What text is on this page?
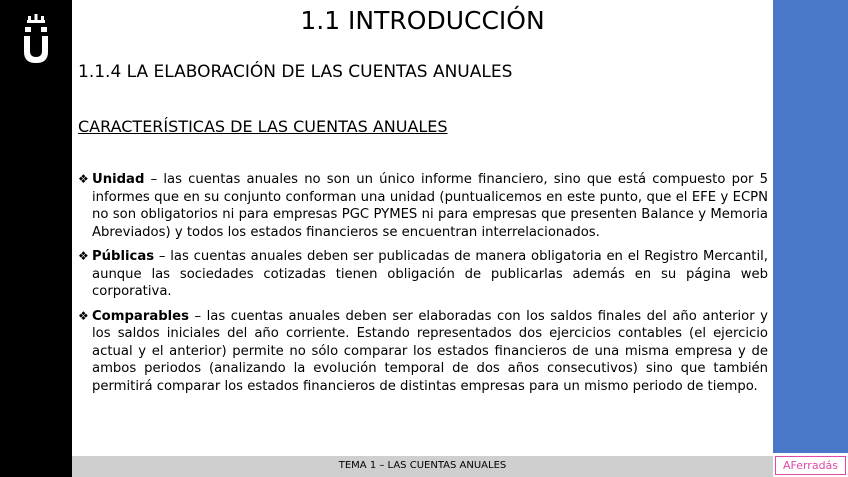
1.1 INTRODUCCIÓN
1.1.4 LA ELABORACIÓN DE LAS CUENTAS ANUALES
CARACTERÍSTICAS DE LAS CUENTAS ANUALES
❖ Unidad – las cuentas anuales no son un único informe financiero, sino que está compuesto por 5 informes que en su conjunto conforman una unidad (puntualicemos en este punto, que el EFE y ECPN no son obligatorios ni para empresas PGC PYMES ni para empresas que presenten Balance y Memoria Abreviados) y todos los estados financieros se encuentran interrelacionados.
❖ Públicas – las cuentas anuales deben ser publicadas de manera obligatoria en el Registro Mercantil, aunque las sociedades cotizadas tienen obligación de publicarlas además en su página web corporativa.
❖ Comparables – las cuentas anuales deben ser elaboradas con los saldos finales del año anterior y los saldos iniciales del año corriente. Estando representados dos ejercicios contables (el ejercicio actual y el anterior) permite no sólo comparar los estados financieros de una misma empresa y de ambos periodos (analizando la evolución temporal de dos años consecutivos) sino que también permitirá comparar los estados financieros de distintas empresas para un mismo periodo de tiempo.
TEMA 1 – LAS CUENTAS ANUALES	AFerradás
